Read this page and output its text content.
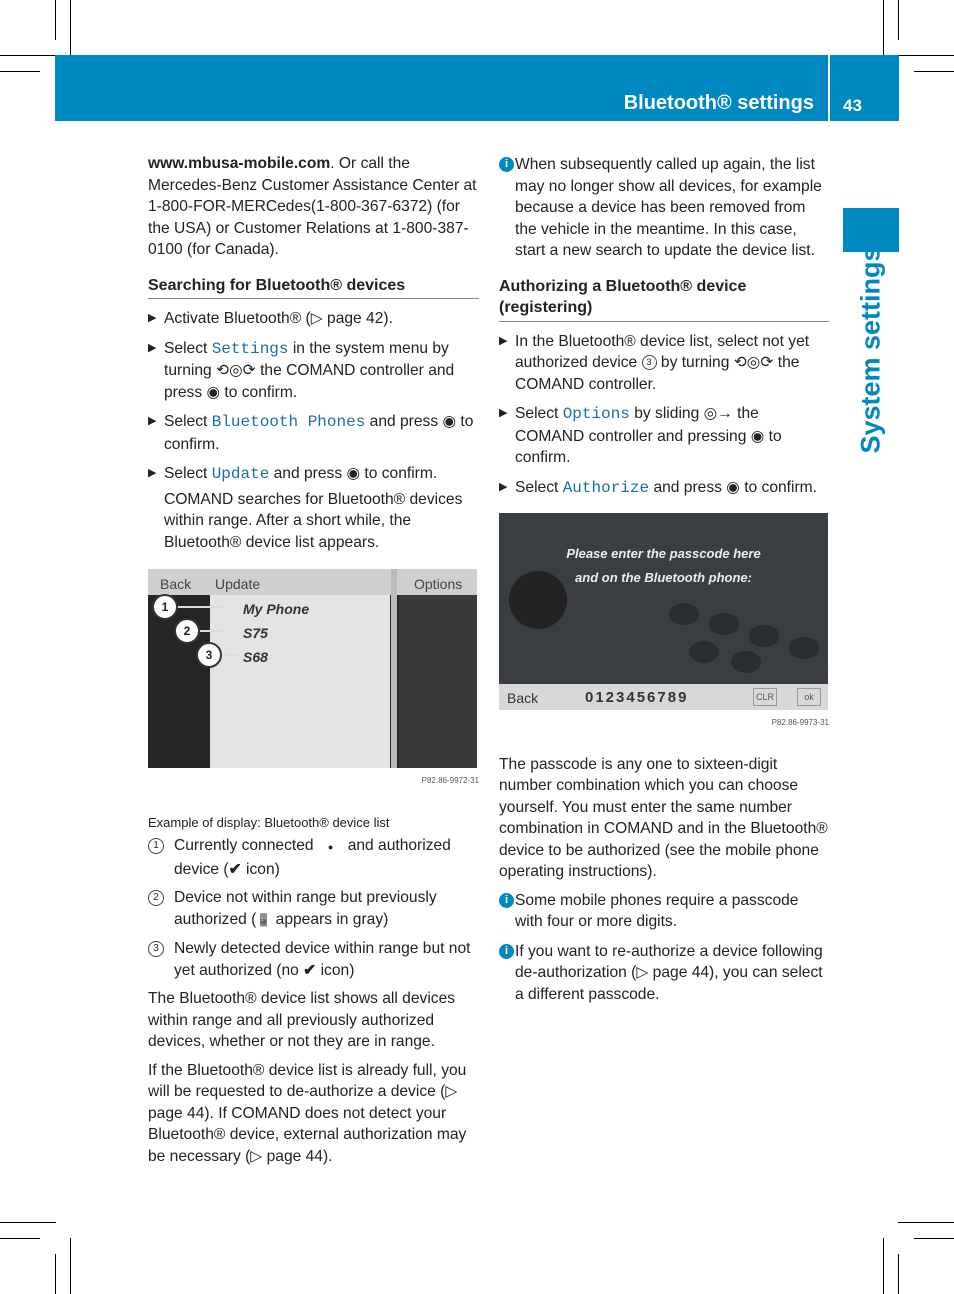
Bluetooth® settings 43
System settings

www.mbusa-mobile.com. Or call the Mercedes-Benz Customer Assistance Center at 1-800-FOR-MERCedes(1-800-367-6372) (for the USA) or Customer Relations at 1-800-387-0100 (for Canada).

Searching for Bluetooth® devices
▶ Activate Bluetooth® (▷ page 42).
▶ Select Settings in the system menu by turning ⟲◎⟳ the COMAND controller and press ◉ to confirm.
▶ Select Bluetooth Phones and press ◉ to confirm.
▶ Select Update and press ◉ to confirm.
COMAND searches for Bluetooth® devices within range. After a short while, the Bluetooth® device list appears.
Back Update	Options
My Phone
S75
S68
1
2
3
P82.86-9972-31
Example of display: Bluetooth® device list
1 Currently connected ● and authorized device (✔ icon)
2 Device not within range but previously authorized (📱 appears in gray)
3 Newly detected device within range but not yet authorized (no ✔ icon)

The Bluetooth® device list shows all devices within range and all previously authorized devices, whether or not they are in range.

If the Bluetooth® device list is already full, you will be requested to de-authorize a device (▷ page 44). If COMAND does not detect your Bluetooth® device, external authorization may be necessary (▷ page 44).

i When subsequently called up again, the list may no longer show all devices, for example because a device has been removed from the vehicle in the meantime. In this case, start a new search to update the device list.
Authorizing a Bluetooth® device (registering)
▶ In the Bluetooth® device list, select not yet authorized device 3 by turning ⟲◎⟳ the COMAND controller.
▶ Select Options by sliding ◎→ the COMAND controller and pressing ◉ to confirm.
▶ Select Authorize and press ◉ to confirm.
Please enter the passcode here
and on the Bluetooth phone:
Back	0123456789	CLR	ok
P82.86-9973-31

The passcode is any one to sixteen-digit number combination which you can choose yourself. You must enter the same number combination in COMAND and in the Bluetooth® device to be authorized (see the mobile phone operating instructions).

i Some mobile phones require a passcode with four or more digits.
i If you want to re-authorize a device following de-authorization (▷ page 44), you can select a different passcode.
